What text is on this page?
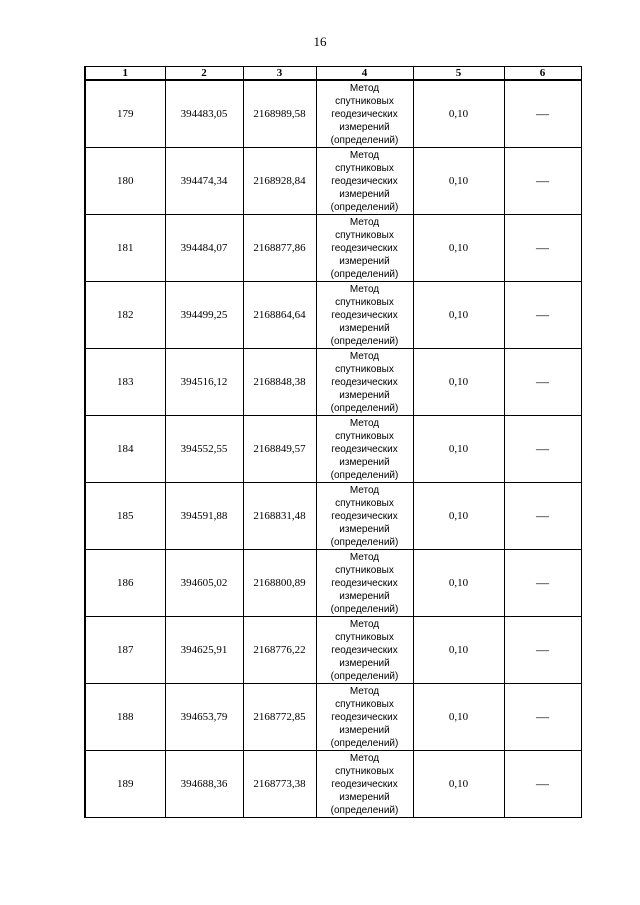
16
1	2	3	4	5	6
179	394483,05	2168989,58	Метод
спутниковых
геодезических
измерений
(определений)	0,10	—
180	394474,34	2168928,84	Метод
спутниковых
геодезических
измерений
(определений)	0,10	—
181	394484,07	2168877,86	Метод
спутниковых
геодезических
измерений
(определений)	0,10	—
182	394499,25	2168864,64	Метод
спутниковых
геодезических
измерений
(определений)	0,10	—
183	394516,12	2168848,38	Метод
спутниковых
геодезических
измерений
(определений)	0,10	—
184	394552,55	2168849,57	Метод
спутниковых
геодезических
измерений
(определений)	0,10	—
185	394591,88	2168831,48	Метод
спутниковых
геодезических
измерений
(определений)	0,10	—
186	394605,02	2168800,89	Метод
спутниковых
геодезических
измерений
(определений)	0,10	—
187	394625,91	2168776,22	Метод
спутниковых
геодезических
измерений
(определений)	0,10	—
188	394653,79	2168772,85	Метод
спутниковых
геодезических
измерений
(определений)	0,10	—
189	394688,36	2168773,38	Метод
спутниковых
геодезических
измерений
(определений)	0,10	—
